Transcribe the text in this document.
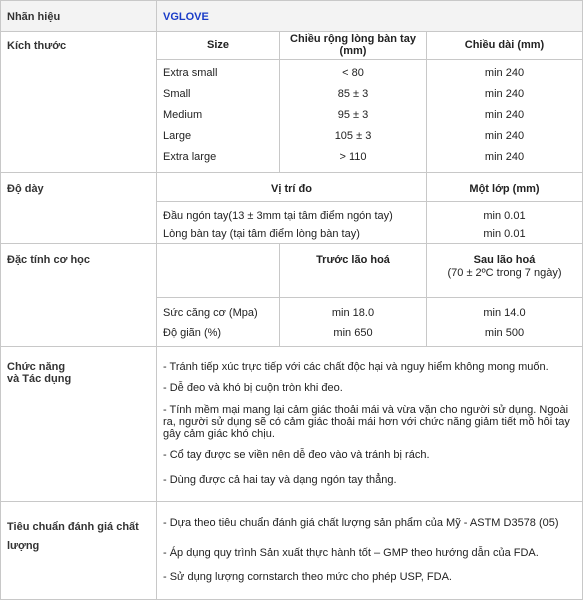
Nhãn hiệu	VGLOVE
Kích thước	Size	Chiều rộng lòng bàn tay (mm)	Chiều dài (mm)
Extra small	< 80	min 240
Small	85 ± 3	min 240
Medium	95 ± 3	min 240
Large	105 ± 3	min 240
Extra large	> 110	min 240
Độ dày	Vị trí đo	Một lớp (mm)
Đầu ngón tay(13 ± 3mm tại tâm điểm ngón tay)	min 0.01
Lòng bàn tay (tại tâm điểm lòng bàn tay)	min 0.01
Đặc tính cơ học	Trước lão hoá	Sau lão hoá
(70 ± 2ºC trong 7 ngày)
Sức căng cơ (Mpa)	min 18.0	min 14.0
Độ giãn (%)	min 650	min 500
Chức năng
và Tác dụng
- Tránh tiếp xúc trực tiếp với các chất độc hại và nguy hiểm không mong muốn.
- Dễ đeo và khó bị cuộn tròn khi đeo.
- Tính mềm mại mang lại cảm giác thoải mái và vừa vặn cho người sử dụng. Ngoài ra, người sử dụng sẽ có cảm giác thoải mái hơn với chức năng giảm tiết mồ hôi tay gây cảm giác khó chịu.
- Cổ tay được se viền nên dễ đeo vào và tránh bị rách.
- Dùng được cả hai tay và dạng ngón tay thẳng.
Tiêu chuẩn đánh giá chất lượng
- Dựa theo tiêu chuẩn đánh giá chất lượng sản phẩm của Mỹ - ASTM D3578 (05)
- Áp dụng quy trình Sản xuất thực hành tốt – GMP theo hướng dẫn của FDA.
- Sử dụng lượng cornstarch theo mức cho phép USP, FDA.
